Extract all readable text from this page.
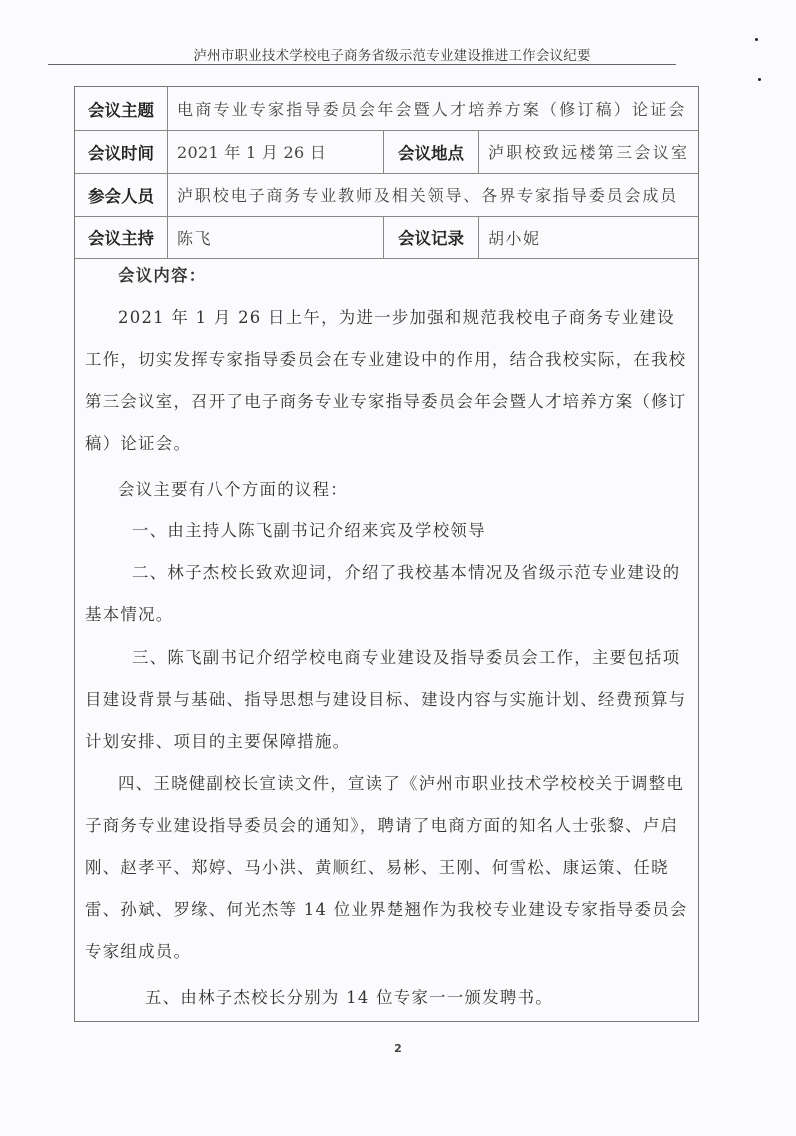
泸州市职业技术学校电子商务省级示范专业建设推进工作会议纪要
会议主题	电商专业专家指导委员会年会暨人才培养方案（修订稿）论证会
会议时间	2021 年 1 月 26 日	会议地点	泸职校致远楼第三会议室
参会人员	泸职校电子商务专业教师及相关领导、各界专家指导委员会成员
会议主持	陈飞	会议记录	胡小妮
会议内容：
2021 年 1 月 26 日上午，为进一步加强和规范我校电子商务专业建设工作，切实发挥专家指导委员会在专业建设中的作用，结合我校实际，在我校第三会议室，召开了电子商务专业专家指导委员会年会暨人才培养方案（修订稿）论证会。
会议主要有八个方面的议程：
一、由主持人陈飞副书记介绍来宾及学校领导
二、林子杰校长致欢迎词，介绍了我校基本情况及省级示范专业建设的基本情况。
三、陈飞副书记介绍学校电商专业建设及指导委员会工作，主要包括项目建设背景与基础、指导思想与建设目标、建设内容与实施计划、经费预算与计划安排、项目的主要保障措施。
四、王晓健副校长宣读文件，宣读了《泸州市职业技术学校校关于调整电子商务专业建设指导委员会的通知》，聘请了电商方面的知名人士张黎、卢启刚、赵孝平、郑婷、马小洪、黄顺红、易彬、王刚、何雪松、康运策、任晓雷、孙斌、罗缘、何光杰等 14 位业界楚翘作为我校专业建设专家指导委员会专家组成员。
五、由林子杰校长分别为 14 位专家一一颁发聘书。
2
